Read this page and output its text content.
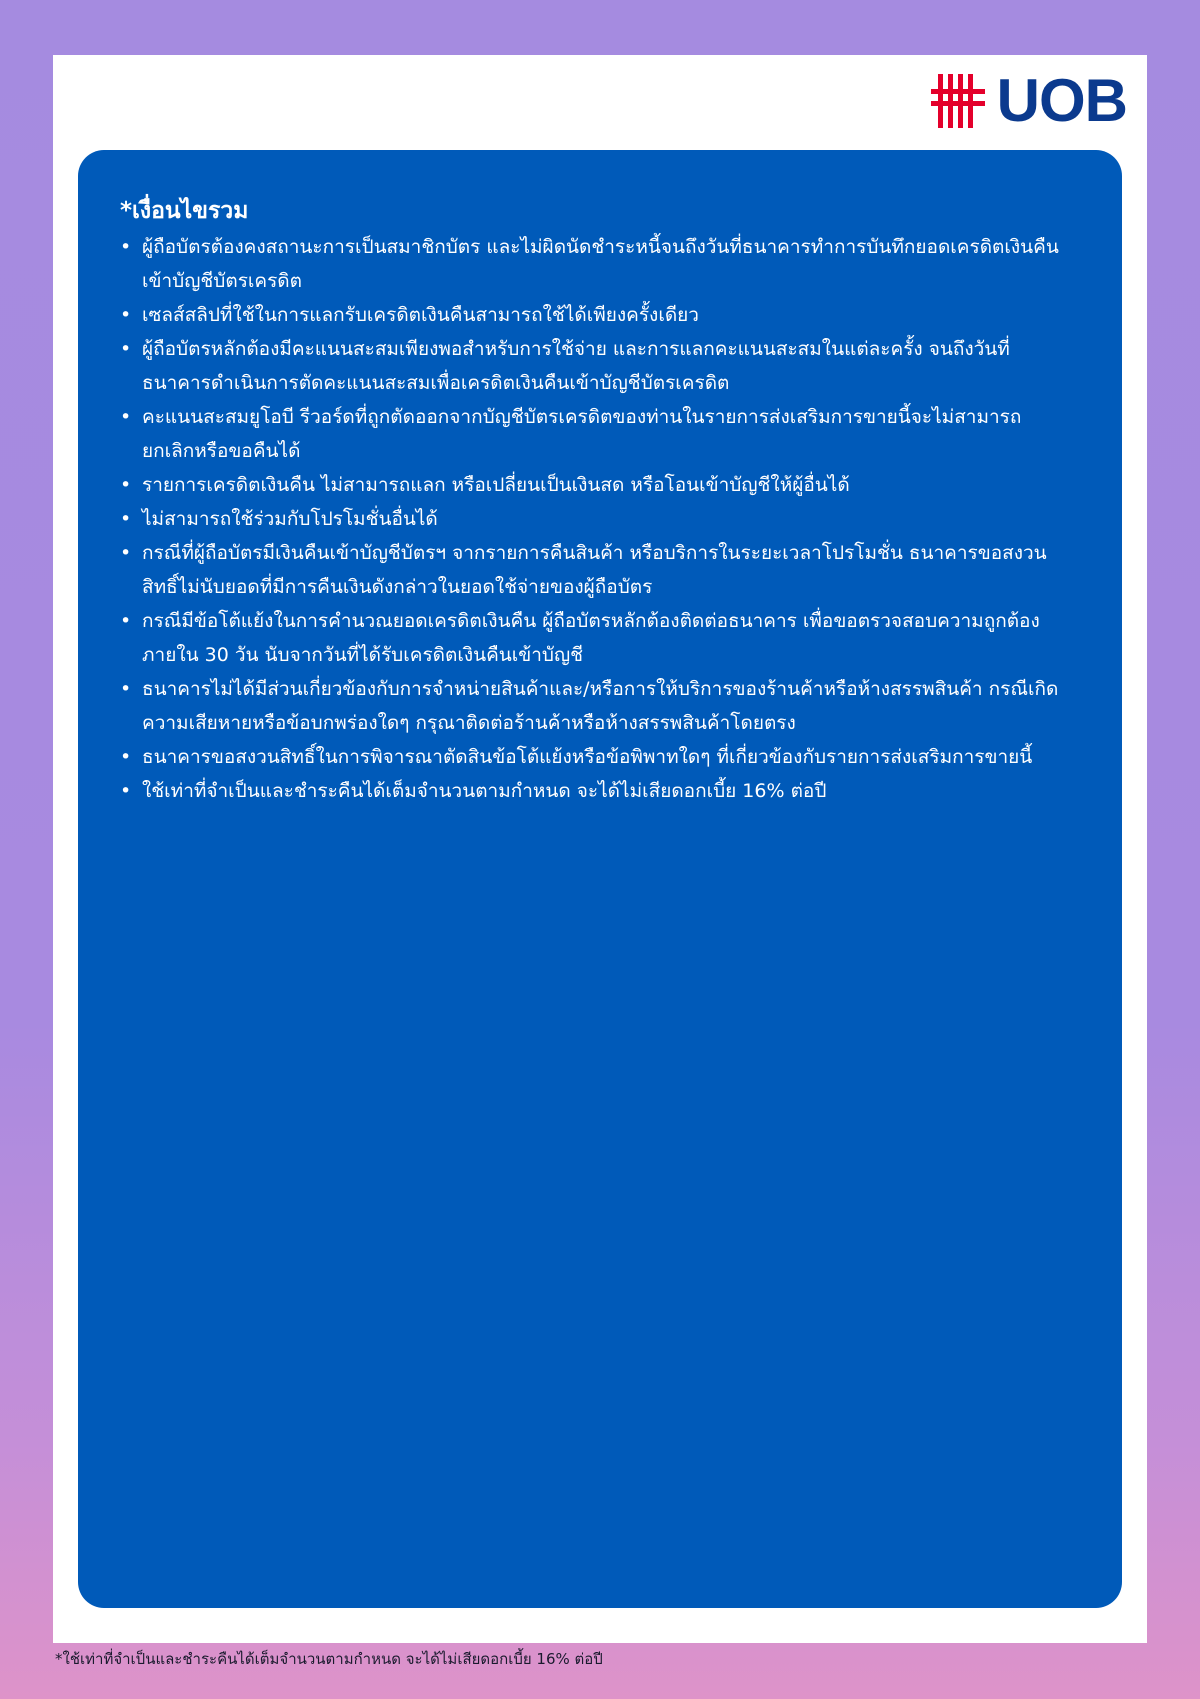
UOB
*เงื่อนไขรวม
• ผู้ถือบัตรต้องคงสถานะการเป็นสมาชิกบัตร และไม่ผิดนัดชำระหนี้จนถึงวันที่ธนาคารทำการบันทึกยอดเครดิตเงินคืนเข้าบัญชีบัตรเครดิต
• เซลส์สลิปที่ใช้ในการแลกรับเครดิตเงินคืนสามารถใช้ได้เพียงครั้งเดียว
• ผู้ถือบัตรหลักต้องมีคะแนนสะสมเพียงพอสำหรับการใช้จ่าย และการแลกคะแนนสะสมในแต่ละครั้ง จนถึงวันที่ธนาคารดำเนินการตัดคะแนนสะสมเพื่อเครดิตเงินคืนเข้าบัญชีบัตรเครดิต
• คะแนนสะสมยูโอบี รีวอร์ดที่ถูกตัดออกจากบัญชีบัตรเครดิตของท่านในรายการส่งเสริมการขายนี้จะไม่สามารถยกเลิกหรือขอคืนได้
• รายการเครดิตเงินคืน ไม่สามารถแลก หรือเปลี่ยนเป็นเงินสด หรือโอนเข้าบัญชีให้ผู้อื่นได้
• ไม่สามารถใช้ร่วมกับโปรโมชั่นอื่นได้
• กรณีที่ผู้ถือบัตรมีเงินคืนเข้าบัญชีบัตรฯ จากรายการคืนสินค้า หรือบริการในระยะเวลาโปรโมชั่น ธนาคารขอสงวนสิทธิ์ไม่นับยอดที่มีการคืนเงินดังกล่าวในยอดใช้จ่ายของผู้ถือบัตร
• กรณีมีข้อโต้แย้งในการคำนวณยอดเครดิตเงินคืน ผู้ถือบัตรหลักต้องติดต่อธนาคาร เพื่อขอตรวจสอบความถูกต้องภายใน 30 วัน นับจากวันที่ได้รับเครดิตเงินคืนเข้าบัญชี
• ธนาคารไม่ได้มีส่วนเกี่ยวข้องกับการจำหน่ายสินค้าและ/หรือการให้บริการของร้านค้าหรือห้างสรรพสินค้า กรณีเกิดความเสียหายหรือข้อบกพร่องใดๆ กรุณาติดต่อร้านค้าหรือห้างสรรพสินค้าโดยตรง
• ธนาคารขอสงวนสิทธิ์ในการพิจารณาตัดสินข้อโต้แย้งหรือข้อพิพาทใดๆ ที่เกี่ยวข้องกับรายการส่งเสริมการขายนี้
• ใช้เท่าที่จำเป็นและชำระคืนได้เต็มจำนวนตามกำหนด จะได้ไม่เสียดอกเบี้ย 16% ต่อปี
*ใช้เท่าที่จำเป็นและชำระคืนได้เต็มจำนวนตามกำหนด จะได้ไม่เสียดอกเบี้ย 16% ต่อปี
